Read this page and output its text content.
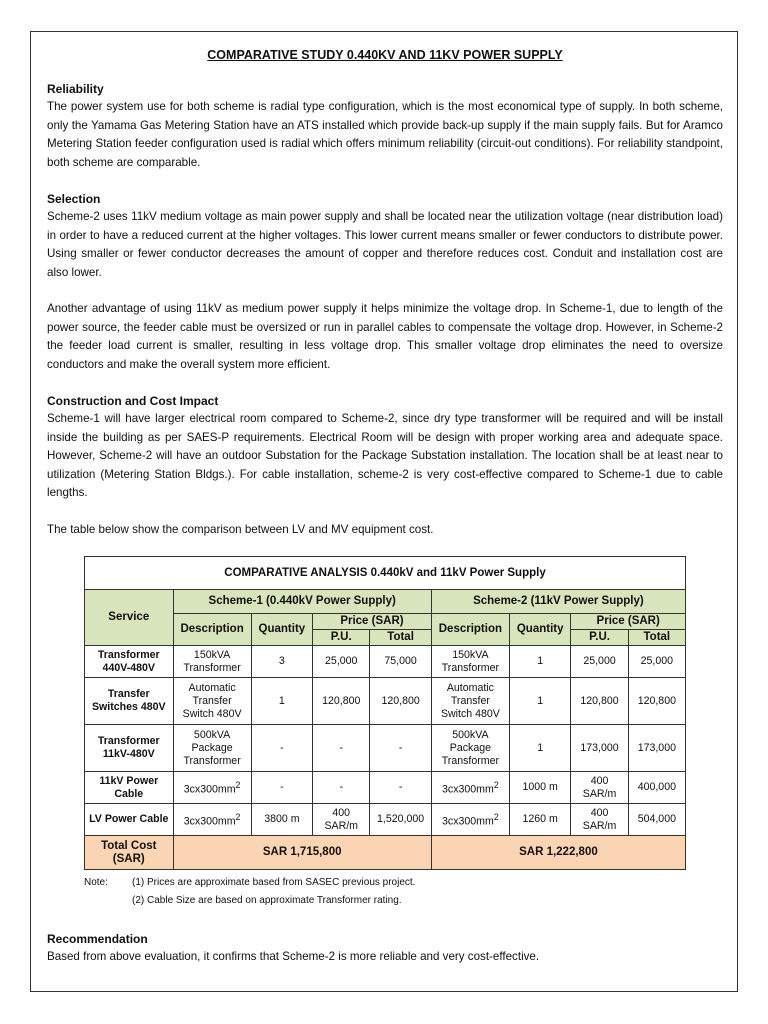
COMPARATIVE STUDY 0.440KV AND 11KV POWER SUPPLY

Reliability

The power system use for both scheme is radial type configuration, which is the most economical type of supply. In both scheme, only the Yamama Gas Metering Station have an ATS installed which provide back-up supply if the main supply fails. But for Aramco Metering Station feeder configuration used is radial which offers minimum reliability (circuit-out conditions). For reliability standpoint, both scheme are comparable.

Selection

Scheme-2 uses 11kV medium voltage as main power supply and shall be located near the utilization voltage (near distribution load) in order to have a reduced current at the higher voltages. This lower current means smaller or fewer conductors to distribute power. Using smaller or fewer conductor decreases the amount of copper and therefore reduces cost. Conduit and installation cost are also lower.

Another advantage of using 11kV as medium power supply it helps minimize the voltage drop. In Scheme-1, due to length of the power source, the feeder cable must be oversized or run in parallel cables to compensate the voltage drop. However, in Scheme-2 the feeder load current is smaller, resulting in less voltage drop. This smaller voltage drop eliminates the need to oversize conductors and make the overall system more efficient.

Construction and Cost Impact

Scheme-1 will have larger electrical room compared to Scheme-2, since dry type transformer will be required and will be install inside the building as per SAES-P requirements. Electrical Room will be design with proper working area and adequate space. However, Scheme-2 will have an outdoor Substation for the Package Substation installation. The location shall be at least near to utilization (Metering Station Bldgs.). For cable installation, scheme-2 is very cost-effective compared to Scheme-1 due to cable lengths.

The table below show the comparison between LV and MV equipment cost.

COMPARATIVE ANALYSIS 0.440kV and 11kV Power Supply								
Service	Scheme-1 (0.440kV Power Supply)				Scheme-2 (11kV Power Supply)			
	Description	Quantity	Price (SAR)		Description	Quantity	Price (SAR)	
			P.U.	Total			P.U.	Total
Transformer 440V-480V	150kVA Transformer	3	25,000	75,000	150kVA Transformer	1	25,000	25,000
Transfer Switches 480V	Automatic Transfer Switch 480V	1	120,800	120,800	Automatic Transfer Switch 480V	1	120,800	120,800
Transformer 11kV-480V	500kVA Package Transformer	-	-	-	500kVA Package Transformer	1	173,000	173,000
11kV Power Cable	$3cx300mm^2$	-	-	-	$3cx300mm^2$	1000 m	400 SAR/m	400,000
LV Power Cable	$3cx300mm^2$	3800 m	400 SAR/m	1,520,000	$3cx300mm^2$	1260 m	400 SAR/m	504,000
Total Cost (SAR)	SAR 1,715,800				SAR 1,222,800			
Note: (1) Prices are approximate based from SASEC previous project.
(2) Cable Size are based on approximate Transformer rating.

Recommendation

Based from above evaluation, it confirms that Scheme-2 is more reliable and very cost-effective.
